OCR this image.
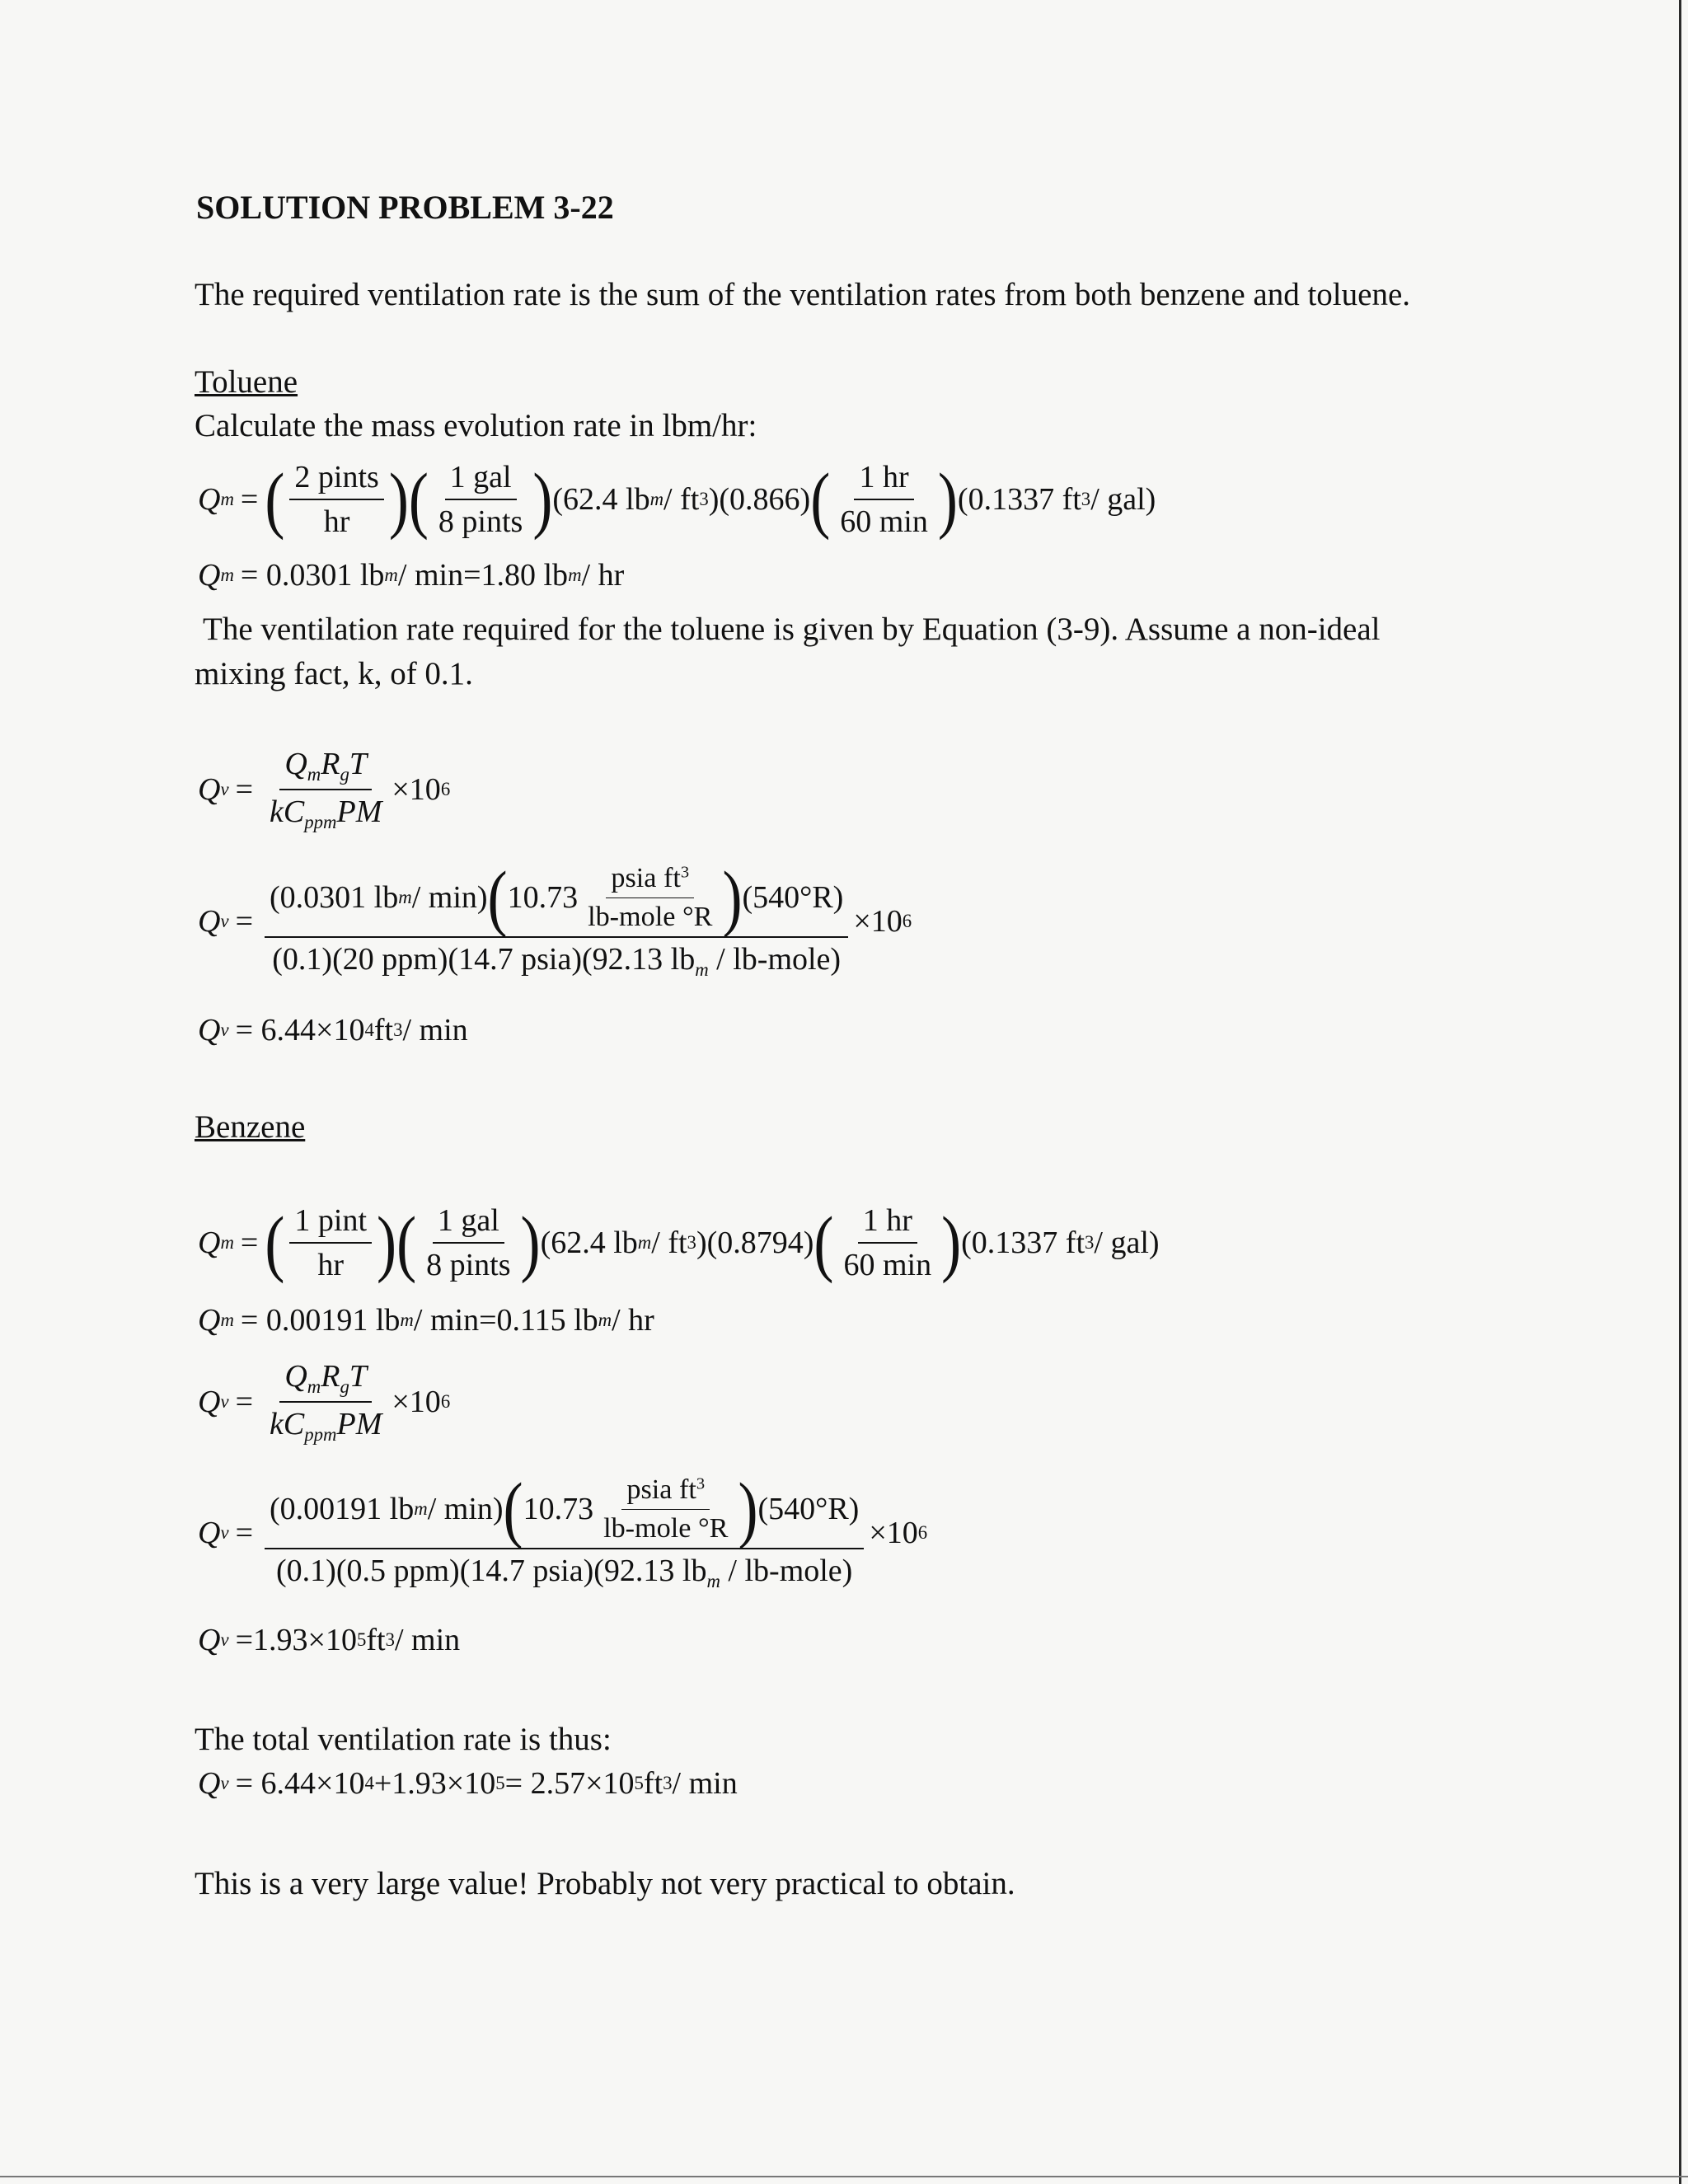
SOLUTION PROBLEM 3-22
The required ventilation rate is the sum of the ventilation rates from both benzene and toluene.
Toluene
Calculate the mass evolution rate in lbm/hr:
Q m = ( $\frac{\text{2 pints}}{hr}$ ) ( $\frac{\text{1 gal}}{\text{8 pints}}$ ) (62.4 lb m / ft 3 )(0.866) ( $\frac{1 hr}{60 \min}$ ) (0.1337 ft 3 / gal)
Q m = 0.0301 lb m / min=1.80 lb m / hr
The ventilation rate required for the toluene is given by Equation (3-9). Assume a non-ideal
mixing fact, k, of 0.1.
Q $v = \frac{Q_mR_gT}{kC_{ppm}PM} \times 10$ 6
Q v =
(0.0301 lb m / min) ( $10.73 \frac{psia ft^3}{\text{lb-mole °R}}$ ) (540°R)
(0.1)(20 ppm)(14.7 psia)(92.13 $lb_m$ / lb-mole)
×10 6
Q v = 6.44×10 4 ft 3 / min
Benzene
Q m = ( $\frac{\text{1 pint}}{hr}$ ) ( $\frac{\text{1 gal}}{\text{8 pints}}$ ) (62.4 lb m / ft 3 )(0.8794) ( $\frac{1 hr}{60 \min}$ ) (0.1337 ft 3 / gal)
Q m = 0.00191 lb m / min=0.115 lb m / hr
Q $v = \frac{Q_mR_gT}{kC_{ppm}PM} \times 10$ 6
Q v =
(0.00191 lb m / min) ( $10.73 \frac{psia ft^3}{\text{lb-mole °R}}$ ) (540°R)
(0.1)(0.5 ppm)(14.7 psia)(92.13 $lb_m$ / lb-mole)
×10 6
Q v =1.93×10 5 ft 3 / min
The total ventilation rate is thus:
Q v = 6.44×10 4 +1.93×10 5 = 2.57×10 5 ft 3 / min
This is a very large value! Probably not very practical to obtain.
